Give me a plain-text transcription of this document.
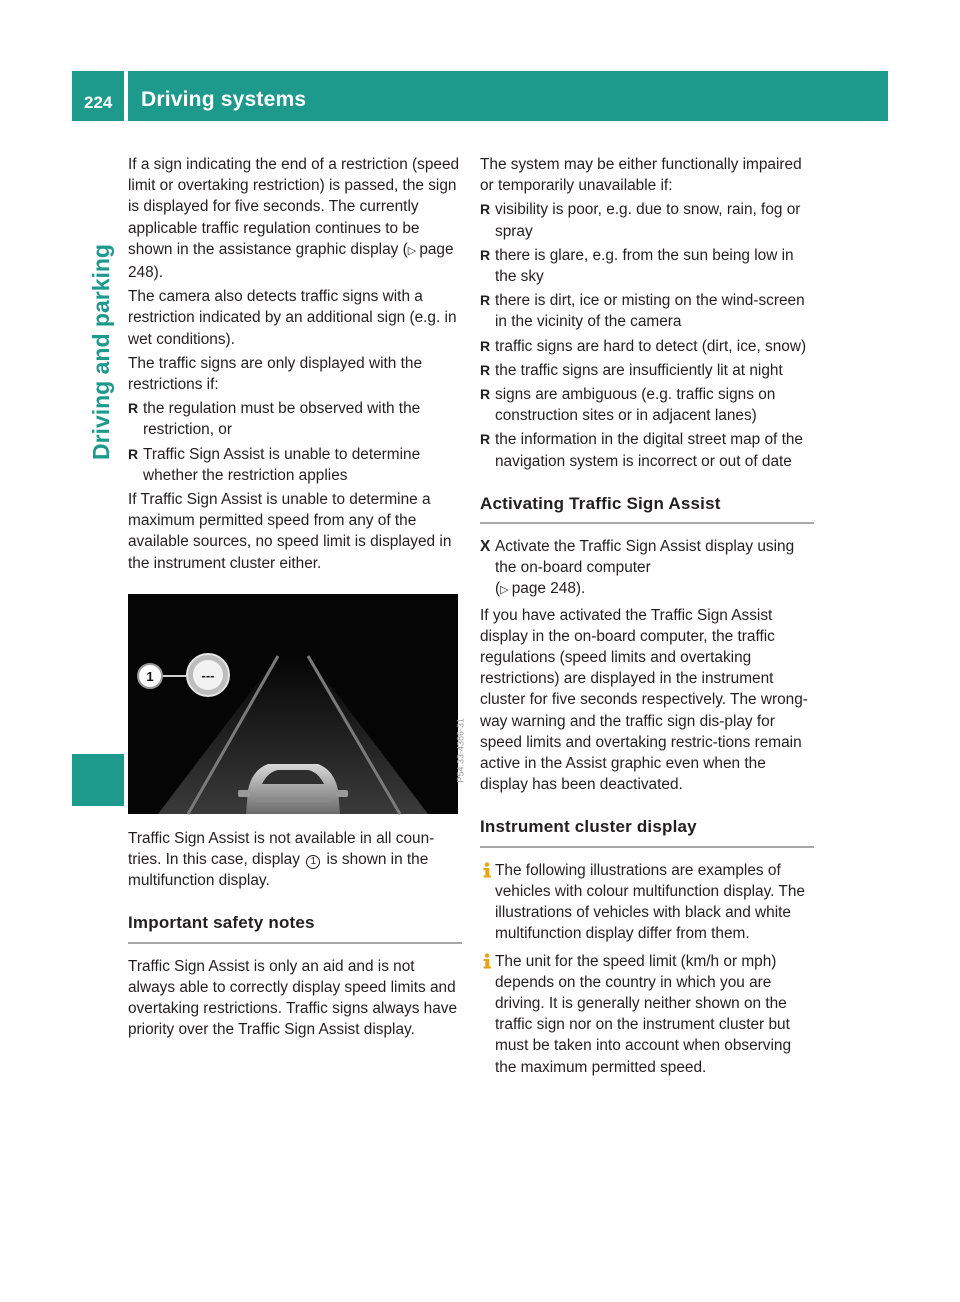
224 Driving systems
Driving and parking

If a sign indicating the end of a restriction (speed limit or overtaking restriction) is passed, the sign is displayed for five seconds. The currently applicable traffic regulation continues to be shown in the assistance graphic display (▷  page 248).

The camera also detects traffic signs with a restriction indicated by an additional sign (e.g. in wet conditions).

The traffic signs are only displayed with the restrictions if:

R the regulation must be observed with the restriction, or
R Traffic Sign Assist is unable to determine whether the restriction applies

If Traffic Sign Assist is unable to determine a maximum permitted speed from any of the available sources, no speed limit is displayed in the instrument cluster either.

---
1
P54.33-4386-31

Traffic Sign Assist is not available in all coun-tries. In this case, display 1 is shown in the multifunction display.

Important safety notes

Traffic Sign Assist is only an aid and is not always able to correctly display speed limits and overtaking restrictions. Traffic signs always have priority over the Traffic Sign Assist display.

The system may be either functionally impaired or temporarily unavailable if:

R visibility is poor, e.g. due to snow, rain, fog or spray
R there is glare, e.g. from the sun being low in the sky
R there is dirt, ice or misting on the wind-screen in the vicinity of the camera
R traffic signs are hard to detect (dirt, ice, snow)
R the traffic signs are insufficiently lit at night
R signs are ambiguous (e.g. traffic signs on construction sites or in adjacent lanes)
R the information in the digital street map of the navigation system is incorrect or out of date
Activating Traffic Sign Assist
X Activate the Traffic Sign Assist display using the on-board computer
(▷  page 248).

If you have activated the Traffic Sign Assist display in the on-board computer, the traffic regulations (speed limits and overtaking restrictions) are displayed in the instrument cluster for five seconds respectively. The wrong-way warning and the traffic sign dis-play for speed limits and overtaking restric-tions remain active in the Assist graphic even when the display has been deactivated.

Instrument cluster display
The following illustrations are examples of vehicles with colour multifunction display. The illustrations of vehicles with black and white multifunction display differ from them.
The unit for the speed limit (km/h or mph) depends on the country in which you are driving. It is generally neither shown on the traffic sign nor on the instrument cluster but must be taken into account when observing the maximum permitted speed.
